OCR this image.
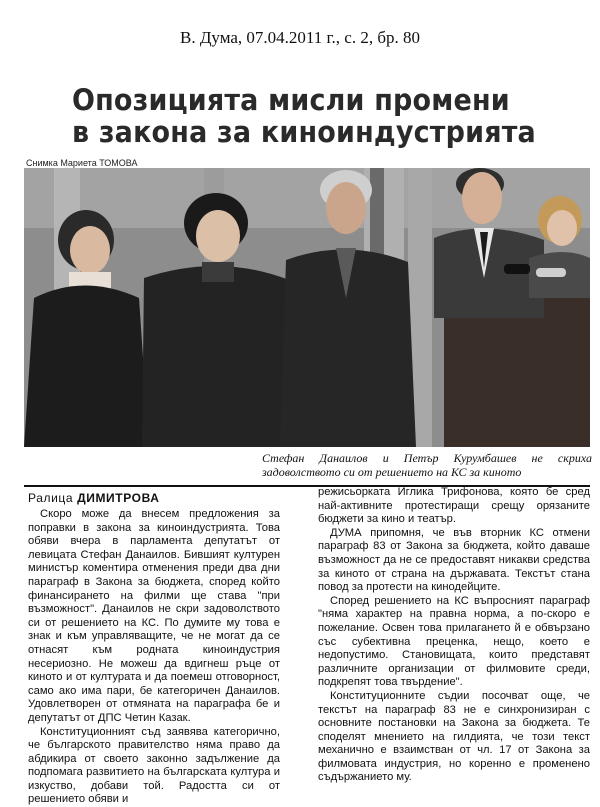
В. Дума, 07.04.2011 г., с. 2, бр. 80
Опозицията мисли промени
в закона за киноиндустрията
Снимка Мариета ТОМОВА
Стефан Данаилов и Петър Курумбашев не скриха задоволството си от решението на КС за киното
Ралица ДИМИТРОВА

Скоро може да внесем предложения за поправки в закона за киноиндустрията. Това обяви вчера в парламента депутатът от левицата Стефан Данаилов. Бившият културен министър коментира отменения преди два дни параграф в Закона за бюджета, според който финансирането на филми ще става "при възможност". Данаилов не скри задоволството си от решението на КС. По думите му това е знак и към управляващите, че не могат да се отнасят към родната киноиндустрия несериозно. Не можеш да вдигнеш ръце от киното и от културата и да поемеш отговорност, само ако има пари, бе категоричен Данаилов. Удовлетворен от отмяната на параграфа бе и депутатът от ДПС Четин Казак.

Конституционният съд заявява категорично, че българското правителство няма право да абдикира от своето законно задължение да подпомага развитието на българската култура и изкуство, добави той. Радостта си от решението обяви и

режисьорката Иглика Трифонова, която бе сред най-активните протестиращи срещу орязаните бюджети за кино и театър.

ДУМА припомня, че във вторник КС отмени параграф 83 от Закона за бюджета, който даваше възможност да не се предоставят никакви средства за киното от страна на държавата. Текстът стана повод за протести на кинодейците.

Според решението на КС въпросният параграф "няма характер на правна норма, а по-скоро е пожелание. Освен това прилагането й е обвързано със субективна преценка, нещо, което е недопустимо. Становищата, които представят различните организации от филмовите среди, подкрепят това твърдение".

Конституционните съдии посочват още, че текстът на параграф 83 не е синхронизиран с основните постановки на Закона за бюджета. Те споделят мнението на гилдията, че този текст механично е взаимстван от чл. 17 от Закона за филмовата индустрия, но коренно е променено съдържанието му.
